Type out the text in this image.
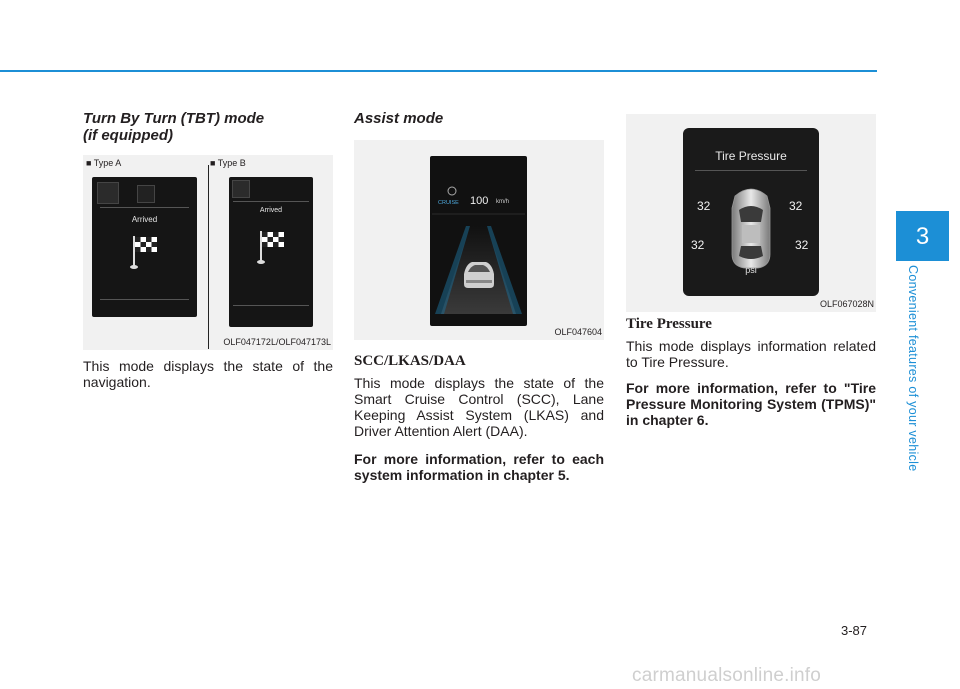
Turn By Turn (TBT) mode
(if equipped)
■ Type A	■ Type B
Arrived
Arrived
OLF047172L/OLF047173L

This mode displays the state of the navigation.

Assist mode
CRUISE 100 km/h
OLF047604
SCC/LKAS/DAA

This mode displays the state of the Smart Cruise Control (SCC), Lane Keeping Assist System (LKAS) and Driver Attention Alert (DAA).

For more information, refer to each system information in chapter 5.

Tire Pressure
32	32
32	32
psi
OLF067028N
Tire Pressure

This mode displays information related to Tire Pressure.

For more information, refer to "Tire Pressure Monitoring System (TPMS)" in chapter 6.

3
Convenient features of your vehicle
3-87
carmanualsonline.info
